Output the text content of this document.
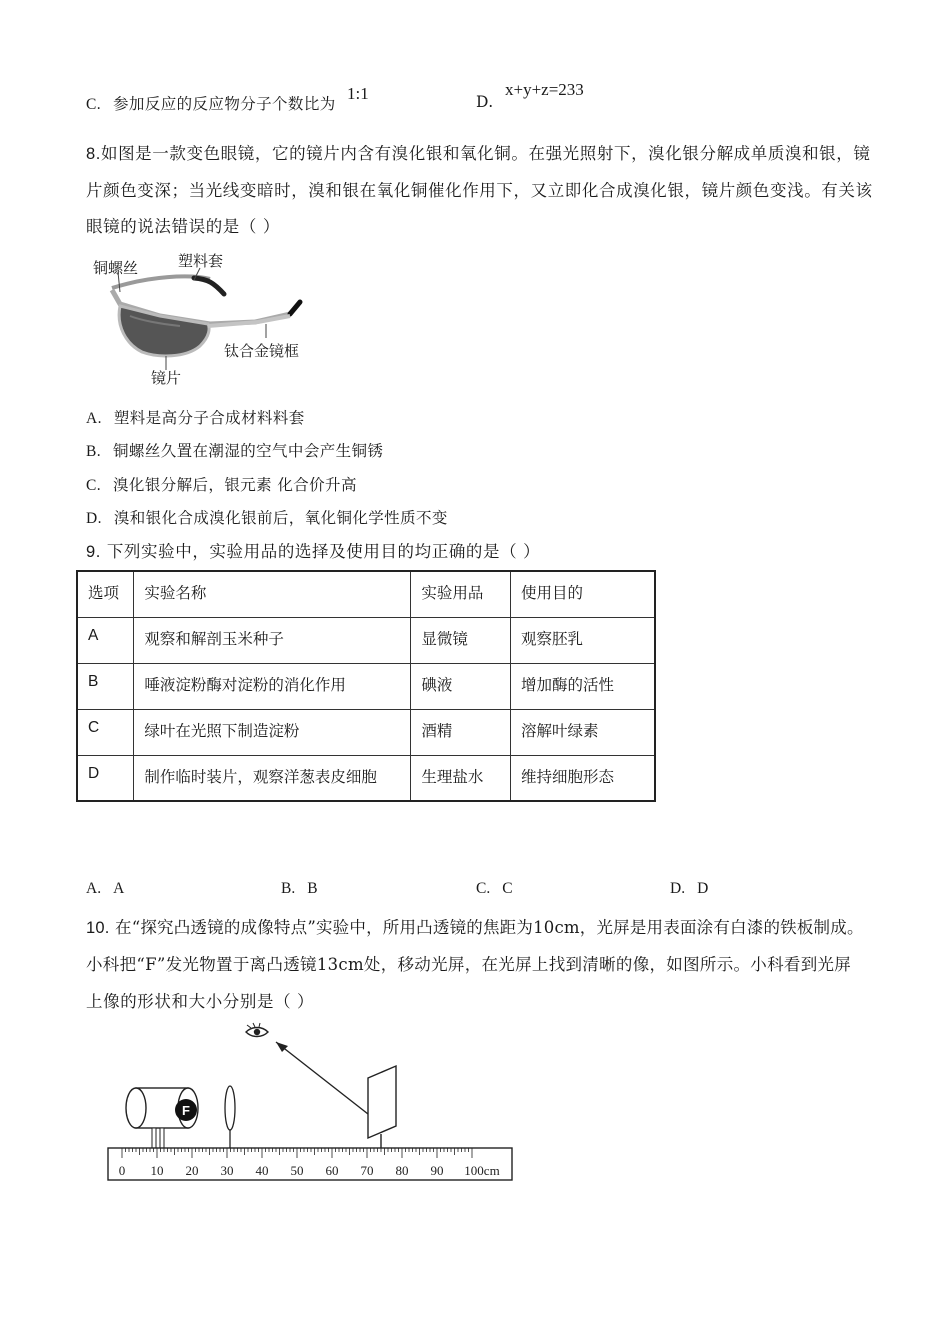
C. 参加反应的反应物分子个数比为
1:1	D.
x+y+z=233
8.如图是一款变色眼镜，它的镜片内含有溴化银和氧化铜。在强光照射下，溴化银分解成单质溴和银，镜
片颜色变深；当光线变暗时，溴和银在氧化铜催化作用下，又立即化合成溴化银，镜片颜色变浅。有关该
眼镜的说法错误的是（ ）
铜螺丝	塑料套
钛合金镜框
镜片
A. 塑料是高分子合成材料料套
B. 铜螺丝久置在潮湿的空气中会产生铜锈
C. 溴化银分解后，银元素 化合价升高
D. 溴和银化合成溴化银前后，氧化铜化学性质不变
9. 下列实验中，实验用品的选择及使用目的均正确的是（ ）
选项	实验名称	实验用品	使用目的
A	观察和解剖玉米种子	显微镜	观察胚乳
B	唾液淀粉酶对淀粉的消化作用	碘液	增加酶的活性
C	绿叶在光照下制造淀粉	酒精	溶解叶绿素
D	制作临时装片，观察洋葱表皮细胞	生理盐水	维持细胞形态
A. A	B. B	C. C	D. D
10. 在“探究凸透镜的成像特点”实验中，所用凸透镜的焦距为10cm，光屏是用表面涂有白漆的铁板制成。
小科把“F”发光物置于离凸透镜13cm处，移动光屏，在光屏上找到清晰的像，如图所示。小科看到光屏
上像的形状和大小分别是（ ）
F
0 10 20 30 40 50 60 70 80 90 100cm
